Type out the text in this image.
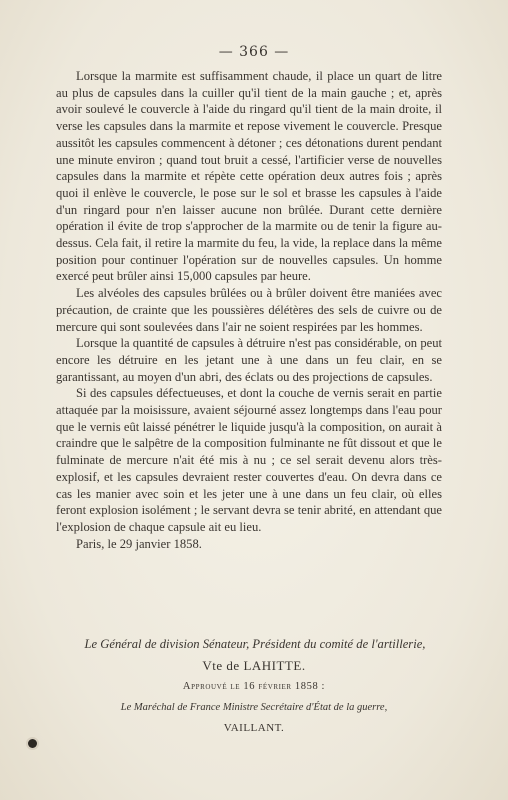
— 366 —

Lorsque la marmite est suffisamment chaude, il place un quart de litre au plus de capsules dans la cuiller qu'il tient de la main gauche ; et, après avoir soulevé le couvercle à l'aide du ringard qu'il tient de la main droite, il verse les capsules dans la marmite et repose vivement le couvercle. Presque aussitôt les capsules commencent à détoner ; ces détonations durent pendant une minute environ ; quand tout bruit a cessé, l'artificier verse de nouvelles capsules dans la marmite et répète cette opération deux autres fois ; après quoi il enlève le couvercle, le pose sur le sol et brasse les capsules à l'aide d'un ringard pour n'en laisser aucune non brûlée. Durant cette dernière opération il évite de trop s'approcher de la marmite ou de tenir la figure au-dessus. Cela fait, il retire la marmite du feu, la vide, la replace dans la même position pour continuer l'opération sur de nouvelles capsules. Un homme exercé peut brûler ainsi 15,000 capsules par heure.

Les alvéoles des capsules brûlées ou à brûler doivent être maniées avec précaution, de crainte que les poussières délétères des sels de cuivre ou de mercure qui sont soulevées dans l'air ne soient respirées par les hommes.

Lorsque la quantité de capsules à détruire n'est pas considérable, on peut encore les détruire en les jetant une à une dans un feu clair, en se garantissant, au moyen d'un abri, des éclats ou des projections de capsules.

Si des capsules défectueuses, et dont la couche de vernis serait en partie attaquée par la moisissure, avaient séjourné assez longtemps dans l'eau pour que le vernis eût laissé pénétrer le liquide jusqu'à la composition, on aurait à craindre que le salpêtre de la composition fulminante ne fût dissout et que le fulminate de mercure n'ait été mis à nu ; ce sel serait devenu alors très-explosif, et les capsules devraient rester couvertes d'eau. On devra dans ce cas les manier avec soin et les jeter une à une dans un feu clair, où elles feront explosion isolément ; le servant devra se tenir abrité, en attendant que l'explosion de chaque capsule ait eu lieu.

Paris, le 29 janvier 1858.

Le Général de division Sénateur, Président du comité de l'artillerie,
Vte de LAHITTE.
Approuvé le 16 février 1858 :
Le Maréchal de France Ministre Secrétaire d'État de la guerre,
VAILLANT.
